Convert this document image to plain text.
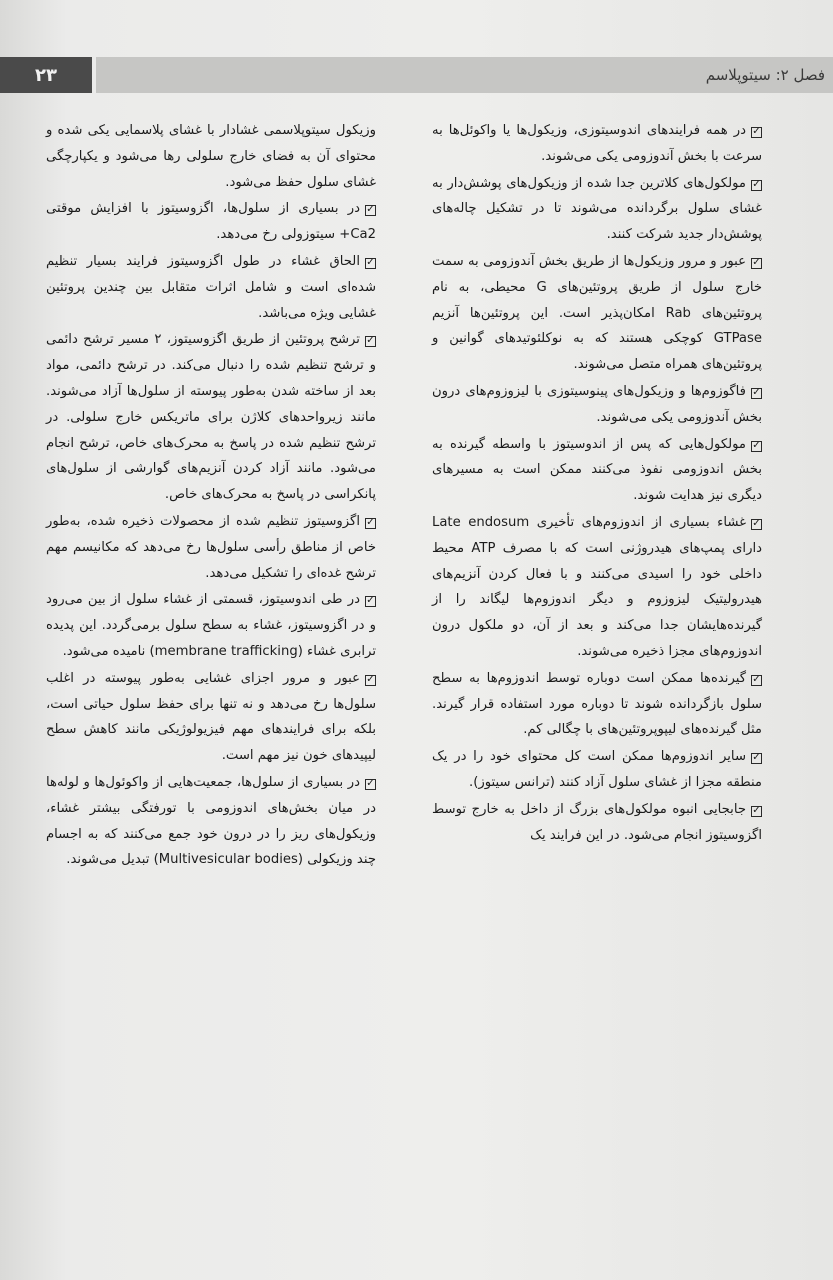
۲۳	فصل ۲: سیتوپلاسم

✓در همه فرایندهای اندوسیتوزی، وزیکول‌ها یا واکوئل‌ها به سرعت با بخش آندوزومی یکی می‌شوند.

✓مولکول‌های کلاترین جدا شده از وزیکول‌های پوشش‌دار به غشای سلول برگردانده می‌شوند تا در تشکیل چاله‌های پوشش‌دار جدید شرکت کنند.

✓عبور و مرور وزیکول‌ها از طریق بخش آندوزومی به سمت خارج سلول از طریق پروتئین‌های G محیطی، به نام پروتئین‌های Rab امکان‌پذیر است. این پروتئین‌ها آنزیم GTPase کوچکی هستند که به نوکلئوتیدهای گوانین و پروتئین‌های همراه متصل می‌شوند.

✓فاگوزوم‌ها و وزیکول‌های پینوسیتوزی با لیزوزوم‌های درون بخش آندوزومی یکی می‌شوند.

✓مولکول‌هایی که پس از اندوسیتوز با واسطه گیرنده به بخش اندوزومی نفوذ می‌کنند ممکن است به مسیرهای دیگری نیز هدایت شوند.

✓غشاء بسیاری از اندوزوم‌های تأخیری Late endosum دارای پمپ‌های هیدروژنی است که با مصرف ATP محیط داخلی خود را اسیدی می‌کنند و با فعال کردن آنزیم‌های هیدرولیتیک لیزوزوم و دیگر اندوزوم‌ها لیگاند را از گیرنده‌هایشان جدا می‌کند و بعد از آن، دو ملکول درون اندوزوم‌های مجزا ذخیره می‌شوند.

✓گیرنده‌ها ممکن است دوباره توسط اندوزوم‌ها به سطح سلول بازگردانده شوند تا دوباره مورد استفاده قرار گیرند. مثل گیرنده‌های لیپوپروتئین‌های با چگالی کم.

✓سایر اندوزوم‌ها ممکن است کل محتوای خود را در یک منطقه مجزا از غشای سلول آزاد کنند (ترانس سیتوز).

✓جابجایی انبوه مولکول‌های بزرگ از داخل به خارج توسط اگزوسیتوز انجام می‌شود. در این فرایند یک

وزیکول سیتوپلاسمی غشادار با غشای پلاسمایی یکی شده و محتوای آن به فضای خارج سلولی رها می‌شود و یکپارچگی غشای سلول حفظ می‌شود.

✓در بسیاری از سلول‌ها، اگزوسیتوز با افزایش موقتی Ca2+ سیتوزولی رخ می‌دهد.

✓الحاق غشاء در طول اگزوسیتوز فرایند بسیار تنظیم شده‌ای است و شامل اثرات متقابل بین چندین پروتئین غشایی ویژه می‌باشد.

✓ترشح پروتئین از طریق اگزوسیتوز، ۲ مسیر ترشح دائمی و ترشح تنظیم شده را دنبال می‌کند. در ترشح دائمی، مواد بعد از ساخته شدن به‌طور پیوسته از سلول‌ها آزاد می‌شوند. مانند زیرواحدهای کلاژن برای ماتریکس خارج سلولی. در ترشح تنظیم شده در پاسخ به محرک‌های خاص، ترشح انجام می‌شود. مانند آزاد کردن آنزیم‌های گوارشی از سلول‌های پانکراسی در پاسخ به محرک‌های خاص.

✓اگزوسیتوز تنظیم شده از محصولات ذخیره شده، به‌طور خاص از مناطق رأسی سلول‌ها رخ می‌دهد که مکانیسم مهم ترشح غده‌ای را تشکیل می‌دهد.

✓در طی اندوسیتوز، قسمتی از غشاء سلول از بین می‌رود و در اگزوسیتوز، غشاء به سطح سلول برمی‌گردد. این پدیده ترابری غشاء (membrane trafficking) نامیده می‌شود.

✓عبور و مرور اجزای غشایی به‌طور پیوسته در اغلب سلول‌ها رخ می‌دهد و نه تنها برای حفظ سلول حیاتی است، بلکه برای فرایندهای مهم فیزیولوژیکی مانند کاهش سطح لیپیدهای خون نیز مهم است.

✓در بسیاری از سلول‌ها، جمعیت‌هایی از واکوئول‌ها و لوله‌ها در میان بخش‌های اندوزومی با تورفتگی بیشتر غشاء، وزیکول‌های ریز را در درون خود جمع می‌کنند که به اجسام چند وزیکولی (Multivesicular bodies) تبدیل می‌شوند.
